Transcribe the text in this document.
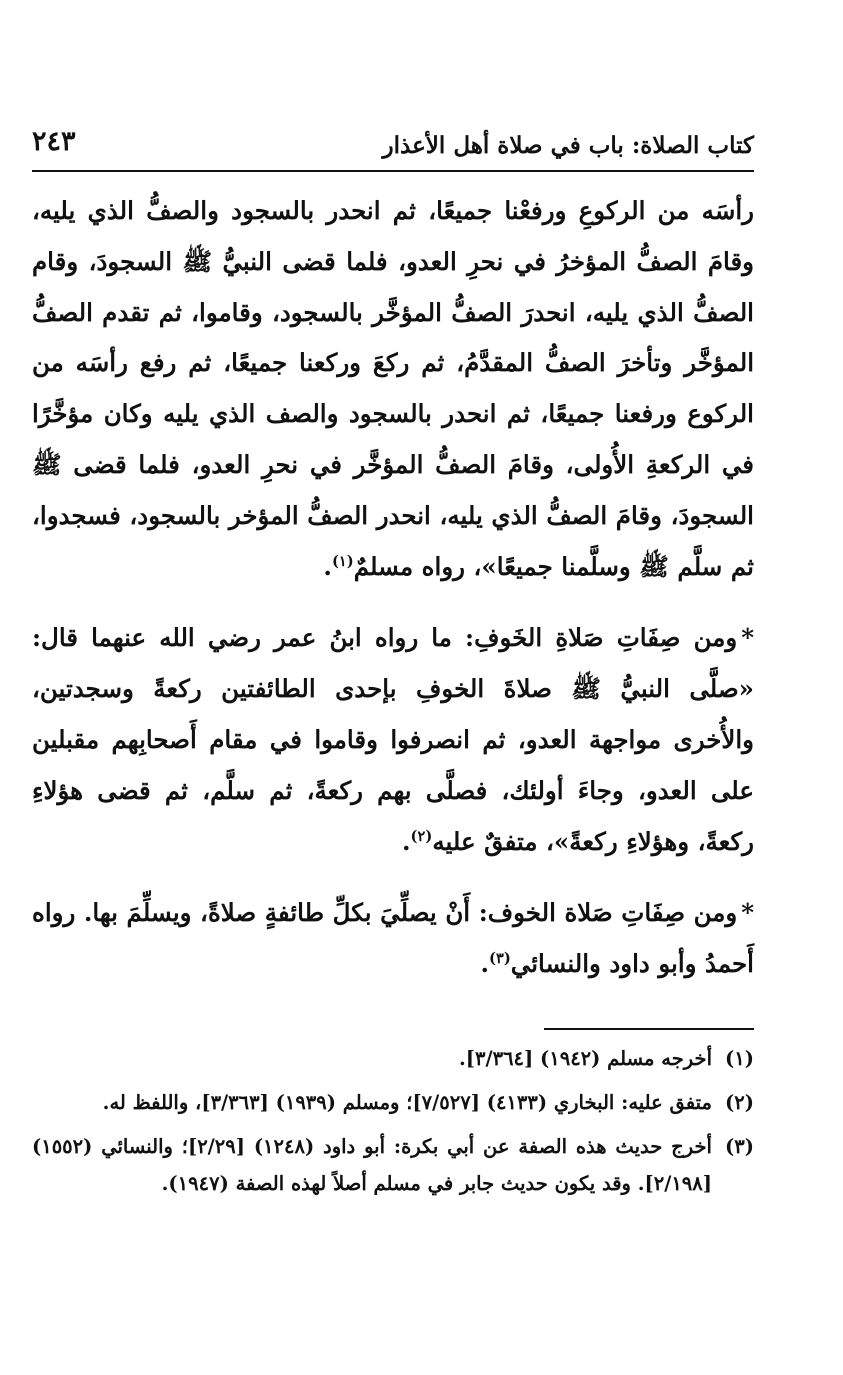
كتاب الصلاة: باب في صلاة أهل الأعذار
٢٤٣

رأسَه من الركوعِ ورفعْنا جميعًا، ثم انحدر بالسجود والصفُّ الذي يليه، وقامَ الصفُّ المؤخرُ في نحرِ العدو، فلما قضى النبيُّ ﷺ السجودَ، وقام الصفُّ الذي يليه، انحدرَ الصفُّ المؤخَّر بالسجود، وقاموا، ثم تقدم الصفُّ المؤخَّر وتأخرَ الصفُّ المقدَّمُ، ثم ركعَ وركعنا جميعًا، ثم رفع رأسَه من الركوع ورفعنا جميعًا، ثم انحدر بالسجود والصف الذي يليه وكان مؤخَّرًا في الركعةِ الأُولى، وقامَ الصفُّ المؤخَّر في نحرِ العدو، فلما قضى ﷺ السجودَ، وقامَ الصفُّ الذي يليه، انحدر الصفُّ المؤخر بالسجود، فسجدوا، ثم سلَّم ﷺ وسلَّمنا جميعًا»، رواه مسلمٌ$^{(١)}$.

*ومن صِفَاتِ صَلاةِ الخَوفِ: ما رواه ابنُ عمر رضي الله عنهما قال: «صلَّى النبيُّ ﷺ صلاةَ الخوفِ بإحدى الطائفتين ركعةً وسجدتين، والأُخرى مواجهة العدو، ثم انصرفوا وقاموا في مقام أَصحابِهم مقبلين على العدو، وجاءَ أولئك، فصلَّى بهم ركعةً، ثم سلَّم، ثم قضى هؤلاءِ ركعةً، وهؤلاءِ ركعةً»، متفقٌ عليه$^{(٢)}$.

*ومن صِفَاتِ صَلاة الخوف: أَنْ يصلِّيَ بكلِّ طائفةٍ صلاةً، ويسلِّمَ بها. رواه أَحمدُ وأبو داود والنسائي$^{(٣)}$.

(١)
أخرجه مسلم (١٩٤٢) [٣/٣٦٤].
(٢)
متفق عليه: البخاري (٤١٣٣) [٧/٥٢٧]؛ ومسلم (١٩٣٩) [٣/٣٦٣]، واللفظ له.
(٣)
أخرج حديث هذه الصفة عن أبي بكرة: أبو داود (١٢٤٨) [٢/٢٩]؛ والنسائي (١٥٥٢) [٢/١٩٨]. وقد يكون حديث جابر في مسلم أصلاً لهذه الصفة (١٩٤٧).
